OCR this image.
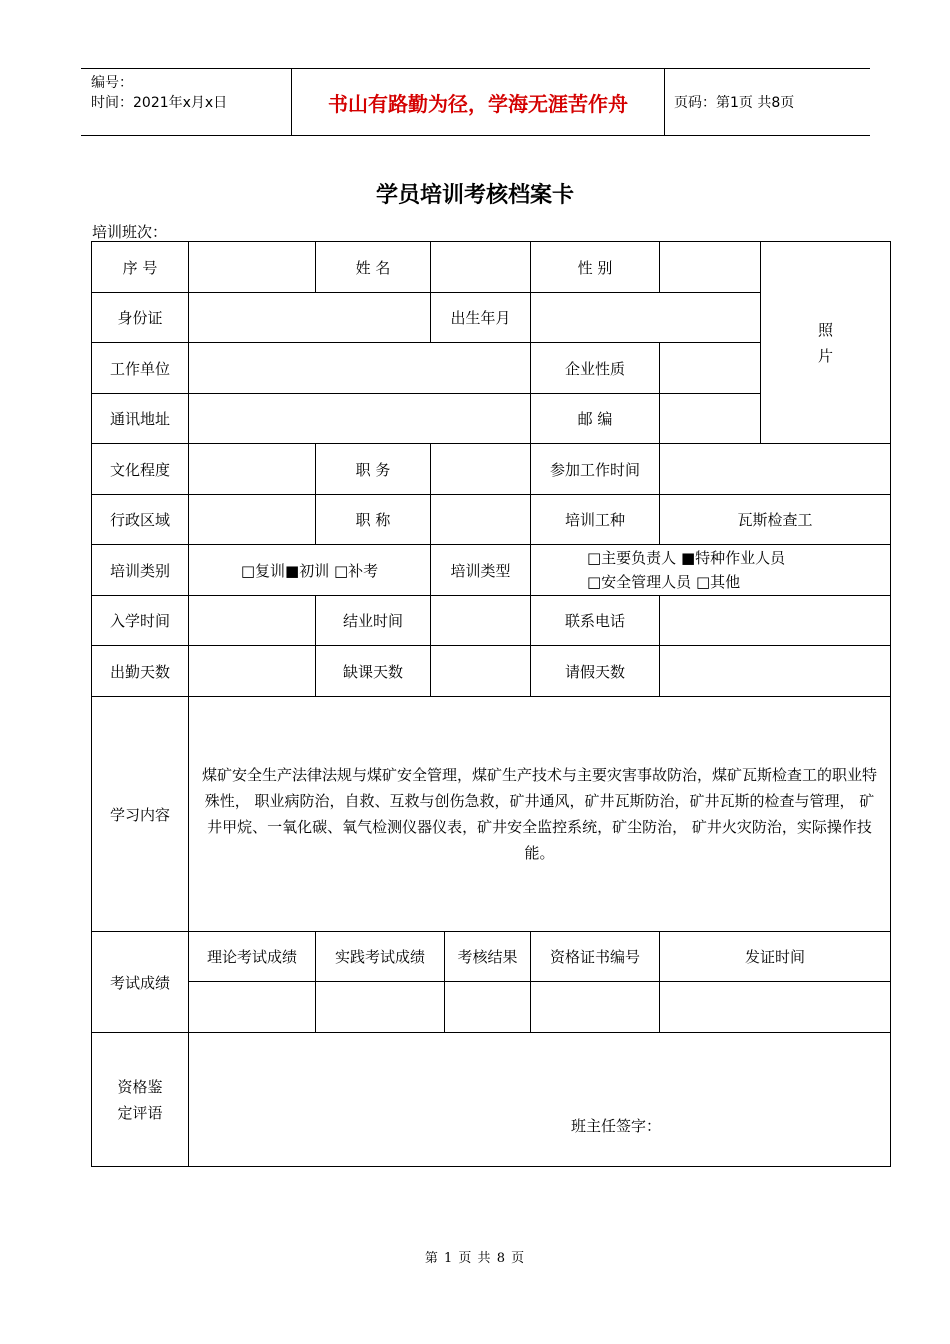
编号：
时间：2021年x月x日	书山有路勤为径，学海无涯苦作舟	页码：第1页 共8页
学员培训考核档案卡
培训班次：
序 号		姓 名			性 别		照
片

身份证			出生年月				
工作单位					企业性质		
通讯地址					邮 编		
文化程度		职 务			参加工作时间		
行政区域		职 称			培训工种	瓦斯检查工	
培训类别	□复训■初训 □补考		培训类型		□主要负责人 ■特种作业人员
□安全管理人员 □其他		

入学时间		结业时间			联系电话		
出勤天数		缺课天数			请假天数		
学习内容	煤矿安全生产法律法规与煤矿安全管理，煤矿生产技术与主要灾害事故防治，煤矿瓦斯检查工的职业特殊性， 职业病防治，自救、互救与创伤急救，矿井通风，矿井瓦斯防治，矿井瓦斯的检查与管理， 矿井甲烷、一氧化碳、氧气检测仪器仪表，矿井安全监控系统，矿尘防治， 矿井火灾防治，实际操作技能。						
考试成绩	理论考试成绩	实践考试成绩		考核结果	资格证书编号	发证时间	

资格鉴
定评语	班主任签字：						
第 1 页 共 8 页
